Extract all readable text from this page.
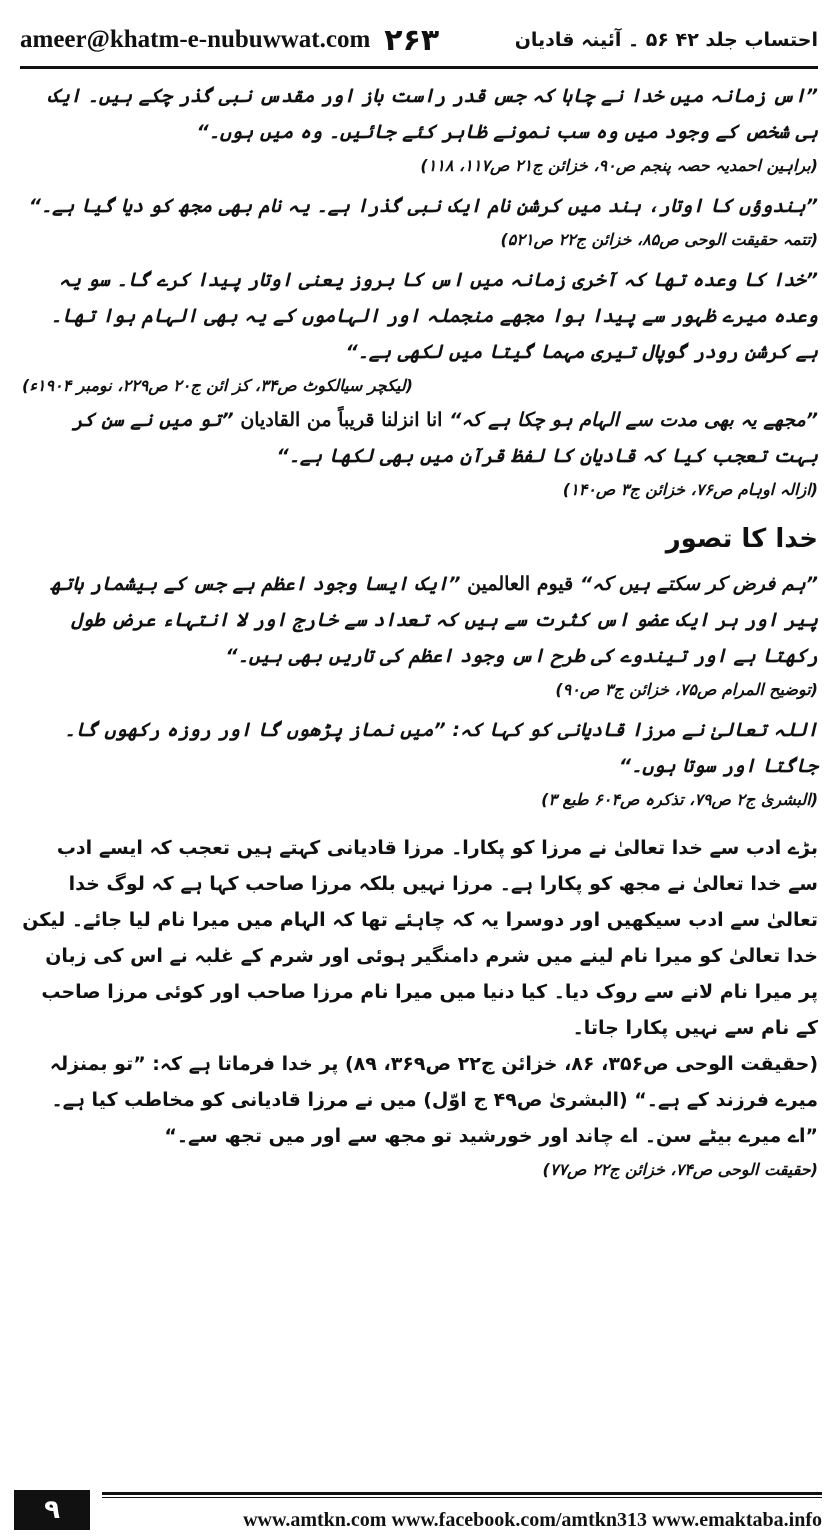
ameer@khatm-e-nubuwwat.com ۲۶۳	احتساب جلد ۴۲ ۵۶ ۔ آئینہ قادیان

”اس زمانہ میں خدا نے چاہا کہ جس قدر راست باز اور مقدس نبی گذر چکے ہیں۔ ایک ہی شخص کے وجود میں وہ سب نمونے ظاہر کئے جائیں۔ وہ میں ہوں۔“

(براہین احمدیہ حصہ پنجم ص۹۰، خزائن ج۲۱ ص۱۱۷، ۱۱۸)

”ہندوؤں کا اوتار، ہند میں کرشن نام ایک نبی گذرا ہے۔ یہ نام بھی مجھ کو دیا گیا ہے۔“

(تتمہ حقیقت الوحی ص۸۵، خزائن ج۲۲ ص۵۲۱)

”خدا کا وعدہ تھا کہ آخری زمانہ میں اس کا بروز یعنی اوتار پیدا کرے گا۔ سو یہ وعدہ میرے ظہور سے پیدا ہوا مجھے منجملہ اور الہاموں کے یہ بھی الہام ہوا تھا۔ ہے کرشن رودر گوپال تیری مہما گیتا میں لکھی ہے۔“

(لیکچر سیالکوٹ ص۳۴، کز ائن ج۲۰ ص۲۲۹، نومبر ۱۹۰۴ء)

”مجھے یہ بھی مدت سے الہام ہو چکا ہے کہ“ انا انزلنا قریباً من القادیان ”تو میں نے سن کر بہت تعجب کیا کہ قادیان کا لفظ قرآن میں بھی لکھا ہے۔“

(ازالہ اوہام ص۷۶، خزائن ج۳ ص۱۴۰)

خدا کا تصور

”ہم فرض کر سکتے ہیں کہ“ قیوم العالمین ”ایک ایسا وجود اعظم ہے جس کے بیشمار ہاتھ پیر اور ہر ایک عضو اس کثرت سے ہیں کہ تعداد سے خارج اور لا انتہاء عرض طول رکھتا ہے اور تیندوے کی طرح اس وجود اعظم کی تاریں بھی ہیں۔“

(توضیح المرام ص۷۵، خزائن ج۳ ص۹۰)

اللہ تعالیٰ نے مرزا قادیانی کو کہا کہ: ”میں نماز پڑھوں گا اور روزہ رکھوں گا۔ جاگتا اور سوتا ہوں۔“

(البشریٰ ج۲ ص۷۹، تذکرہ ص۶۰۴ طبع ۳)

بڑے ادب سے خدا تعالیٰ نے مرزا کو پکارا۔ مرزا قادیانی کہتے ہیں تعجب کہ ایسے ادب سے خدا تعالیٰ نے مجھ کو پکارا ہے۔ مرزا نہیں بلکہ مرزا صاحب کہا ہے کہ لوگ خدا تعالیٰ سے ادب سیکھیں اور دوسرا یہ کہ چاہئے تھا کہ الہام میں میرا نام لیا جائے۔ لیکن خدا تعالیٰ کو میرا نام لینے میں شرم دامنگیر ہوئی اور شرم کے غلبہ نے اس کی زبان پر میرا نام لانے سے روک دیا۔ کیا دنیا میں میرا نام مرزا صاحب اور کوئی مرزا صاحب کے نام سے نہیں پکارا جاتا۔

(حقیقت الوحی ص۳۵۶، ۸۶، خزائن ج۲۲ ص۳۶۹، ۸۹) پر خدا فرماتا ہے کہ: ”تو بمنزلہ میرے فرزند کے ہے۔“ (البشریٰ ص۴۹ ج اوّل) میں نے مرزا قادیانی کو مخاطب کیا ہے۔ ”اے میرے بیٹے سن۔ اے چاند اور خورشید تو مجھ سے اور میں تجھ سے۔“

(حقیقت الوحی ص۷۴، خزائن ج۲۲ ص۷۷)

۹	www.amtkn.com www.facebook.com/amtkn313 www.emaktaba.info
